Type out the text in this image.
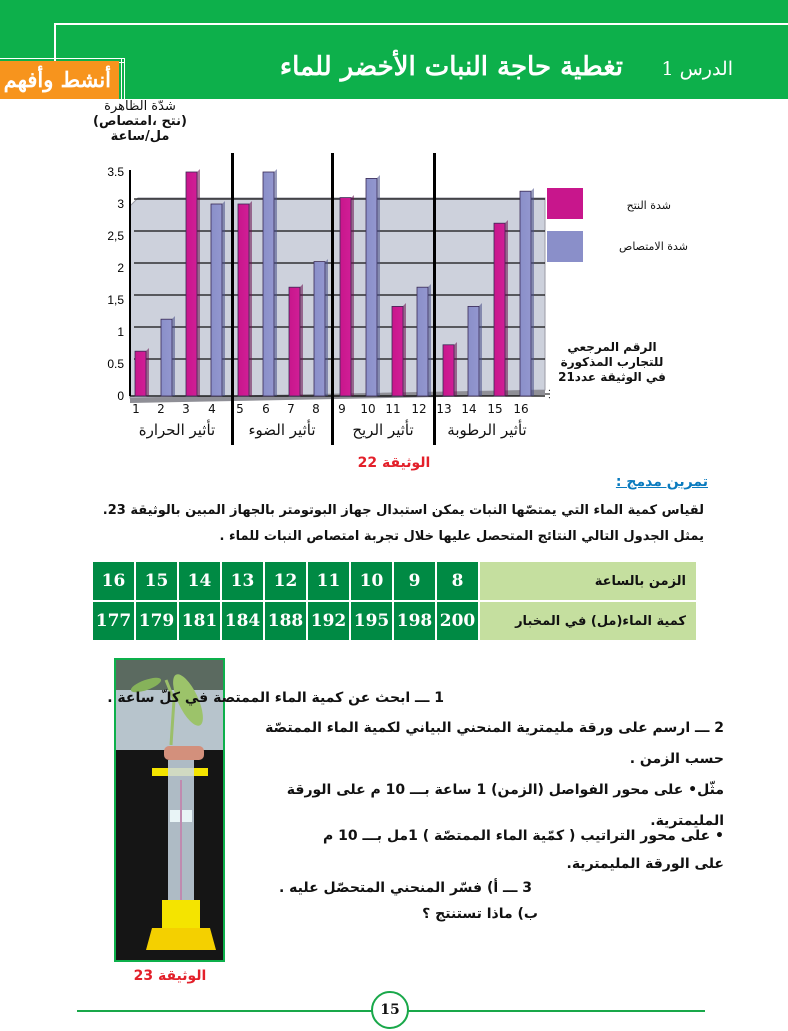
أنشط وأفهم	تغطية حاجة النبات الأخضر للماء الدرس 1
شدّة الظاهرة
(نتح ،امتصاص)
مل/ساعة
0
0.5
1
1,5
2
2,5
3
3.5
شدة النتح
شدة الامتصاص
الرقم المرجعي
للتجارب المذكورة
في الوثيقة عدد21
1	2	3	4	5	6	7	8	9	10 11 12 13 14 15 16
تأثير الحرارة	تأثير الضوء	تأثير الريح	تأثير الرطوبة
الوثيقة 22
تمرين مدمج :
لقياس كمية الماء التي يمتصّها النبات يمكن استبدال جهاز البوتومتر بالجهاز المبين بالوثيقة 23.
يمثل الجدول التالي النتائج المتحصل عليها خلال تجربة امتصاص النبات للماء .
16	15	14	13	12	11	10	9	8	الزمن بالساعة
177	179	181	184	188	192	195	198	200	كمية الماء(مل) في المخبار
الوثيقة 23
1 ـــ ابحث عن كمية الماء الممتصة في كلّ ساعة .
2 ـــ ارسم على ورقة مليمترية المنحني البياني لكمية الماء الممتصّة
حسب الزمن .
مثّل• على محور الفواصل (الزمن) 1 ساعة بـــ 10 م على الورقة
المليمترية.
• على محور التراتيب ( كمّية الماء الممتصّة ) 1مل بـــ 10 م
على الورقة المليمترية.
3 ـــ أ) فسّر المنحني المتحصّل عليه .
ب) ماذا تستنتج ؟
15
